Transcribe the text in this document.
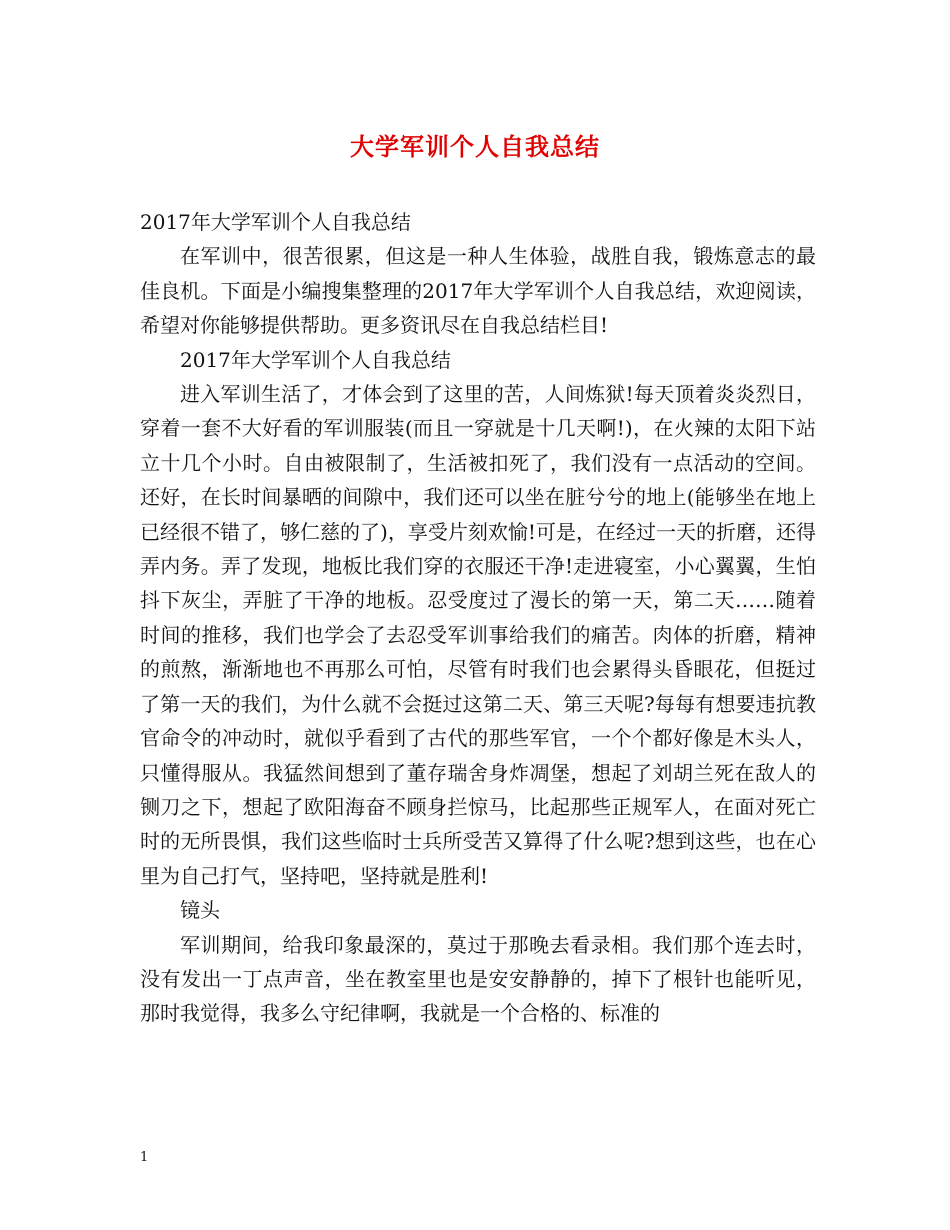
大学军训个人自我总结

2017年大学军训个人自我总结

在军训中，很苦很累，但这是一种人生体验，战胜自我，锻炼意志的最佳良机。下面是小编搜集整理的2017年大学军训个人自我总结，欢迎阅读，希望对你能够提供帮助。更多资讯尽在自我总结栏目!

2017年大学军训个人自我总结

进入军训生活了，才体会到了这里的苦，人间炼狱!每天顶着炎炎烈日，穿着一套不大好看的军训服装(而且一穿就是十几天啊!)，在火辣的太阳下站立十几个小时。自由被限制了，生活被扣死了，我们没有一点活动的空间。还好，在长时间暴晒的间隙中，我们还可以坐在脏兮兮的地上(能够坐在地上已经很不错了，够仁慈的了)，享受片刻欢愉!可是，在经过一天的折磨，还得弄内务。弄了发现，地板比我们穿的衣服还干净!走进寝室，小心翼翼，生怕抖下灰尘，弄脏了干净的地板。忍受度过了漫长的第一天，第二天……随着时间的推移，我们也学会了去忍受军训事给我们的痛苦。肉体的折磨，精神的煎熬，渐渐地也不再那么可怕，尽管有时我们也会累得头昏眼花，但挺过了第一天的我们，为什么就不会挺过这第二天、第三天呢?每每有想要违抗教官命令的冲动时，就似乎看到了古代的那些军官，一个个都好像是木头人，只懂得服从。我猛然间想到了董存瑞舍身炸凋堡，想起了刘胡兰死在敌人的铡刀之下，想起了欧阳海奋不顾身拦惊马，比起那些正规军人，在面对死亡时的无所畏惧，我们这些临时士兵所受苦又算得了什么呢?想到这些，也在心里为自己打气，坚持吧，坚持就是胜利!

镜头

军训期间，给我印象最深的，莫过于那晚去看录相。我们那个连去时，没有发出一丁点声音，坐在教室里也是安安静静的，掉下了根针也能听见，那时我觉得，我多么守纪律啊，我就是一个合格的、标准的

1
